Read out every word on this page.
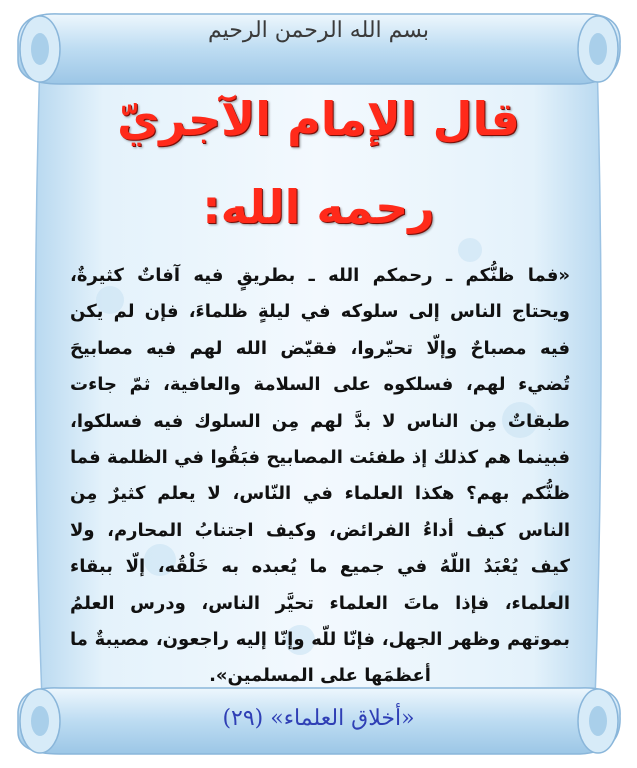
بسم الله الرحمن الرحيم
قال الإمام الآجريّ
رحمه الله:
«فما ظنُّكم ـ رحمكم الله ـ بطريقٍ فيه آفاتٌ كثيرةٌ، ويحتاج الناس إلى سلوكه في ليلةٍ ظلماءَ، فإن لم يكن فيه مصباحٌ وإلّا تحيّروا، فقيّض الله لهم فيه مصابيحَ تُضيء لهم، فسلكوه على السلامة والعافية، ثمّ جاءت طبقاتٌ مِن الناس لا بدَّ لهم مِن السلوك فيه فسلكوا، فبينما هم كذلك إذ طفئت المصابيح فبَقُوا في الظلمة فما ظنُّكم بهم؟ هكذا العلماء في النّاس، لا يعلم كثيرٌ مِن الناس كيف أداءُ الفرائض، وكيف اجتنابُ المحارم، ولا كيف يُعْبَدُ اللّهُ في جميع ما يُعبده به خَلْقُه، إلّا ببقاء العلماء، فإذا ماتَ العلماء تحيَّر الناس، ودرس العلمُ بموتهم وظهر الجهل، فإنّا للّه وإنّا إليه راجعون، مصيبةٌ ما أعظمَها على المسلمين».
«أخلاق العلماء» (٢٩)
